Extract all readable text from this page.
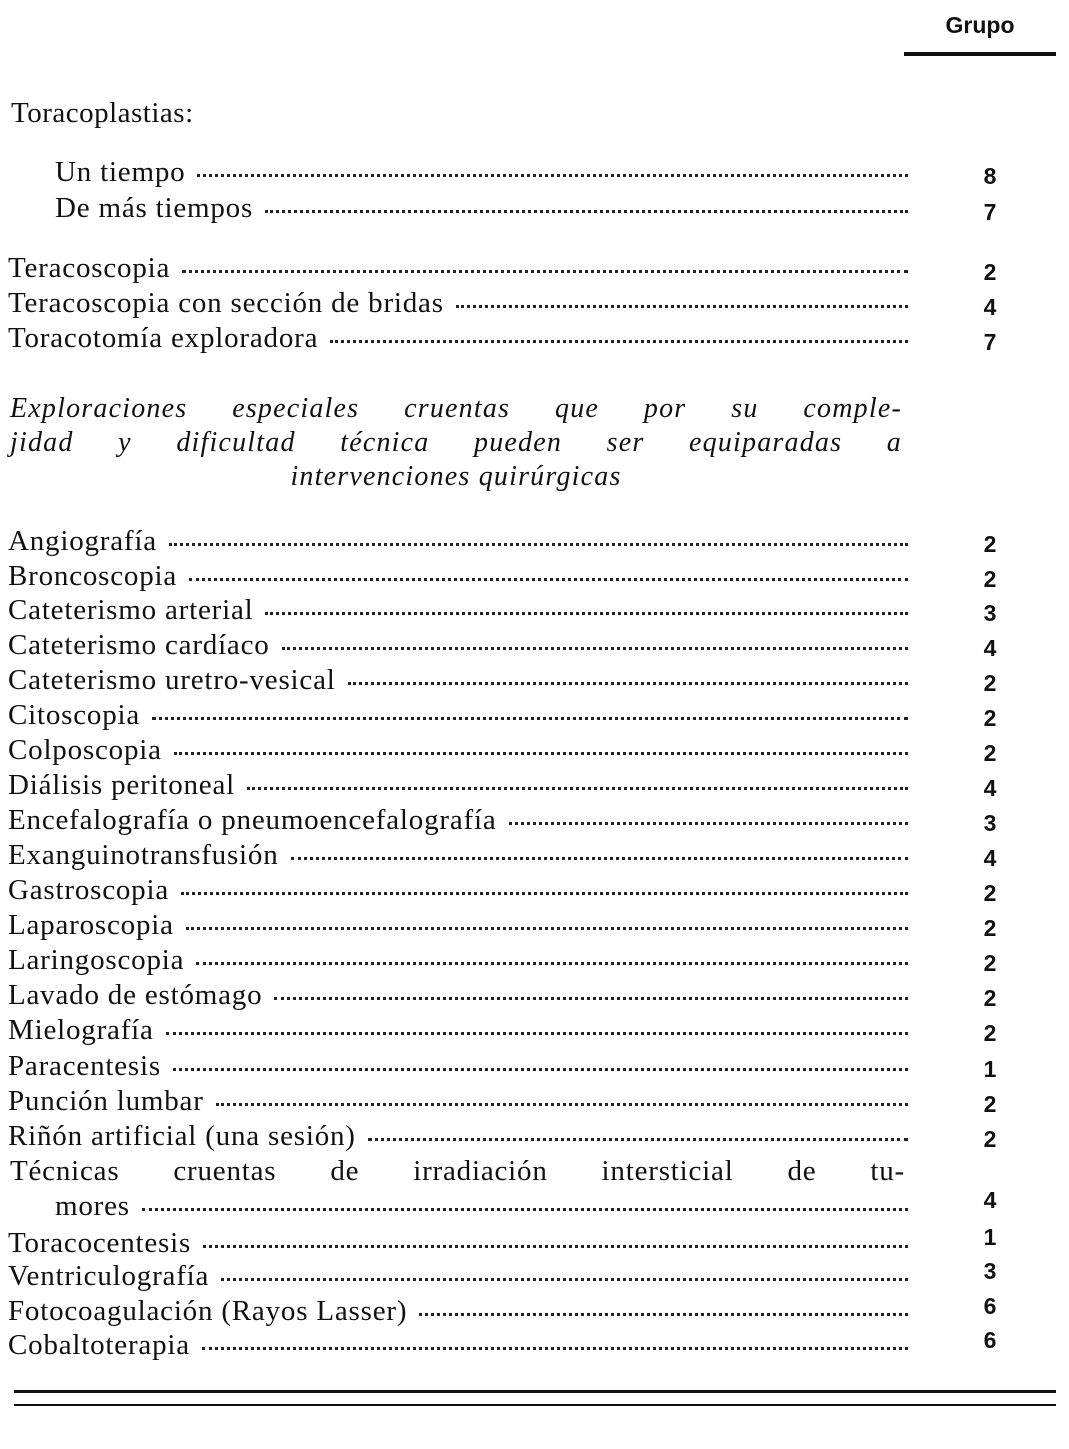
Grupo
Toracoplastias:
Un tiempo	8
De más tiempos	7
Teracoscopia	2
Teracoscopia con sección de bridas	4
Toracotomía exploradora	7
Exploraciones especiales cruentas que por su comple-
jidad y dificultad técnica pueden ser equiparadas a
intervenciones quirúrgicas
Angiografía	2
Broncoscopia	2
Cateterismo arterial	3
Cateterismo cardíaco	4
Cateterismo uretro-vesical	2
Citoscopia	2
Colposcopia	2
Diálisis peritoneal	4
Encefalografía o pneumoencefalografía	3
Exanguinotransfusión	4
Gastroscopia	2
Laparoscopia	2
Laringoscopia	2
Lavado de estómago	2
Mielografía	2
Paracentesis	1
Punción lumbar	2
Riñón artificial (una sesión)	2
Técnicas cruentas de irradiación intersticial de tu-
mores	4
Toracocentesis	1
Ventriculografía	3
Fotocoagulación (Rayos Lasser)	6
Cobaltoterapia	6
